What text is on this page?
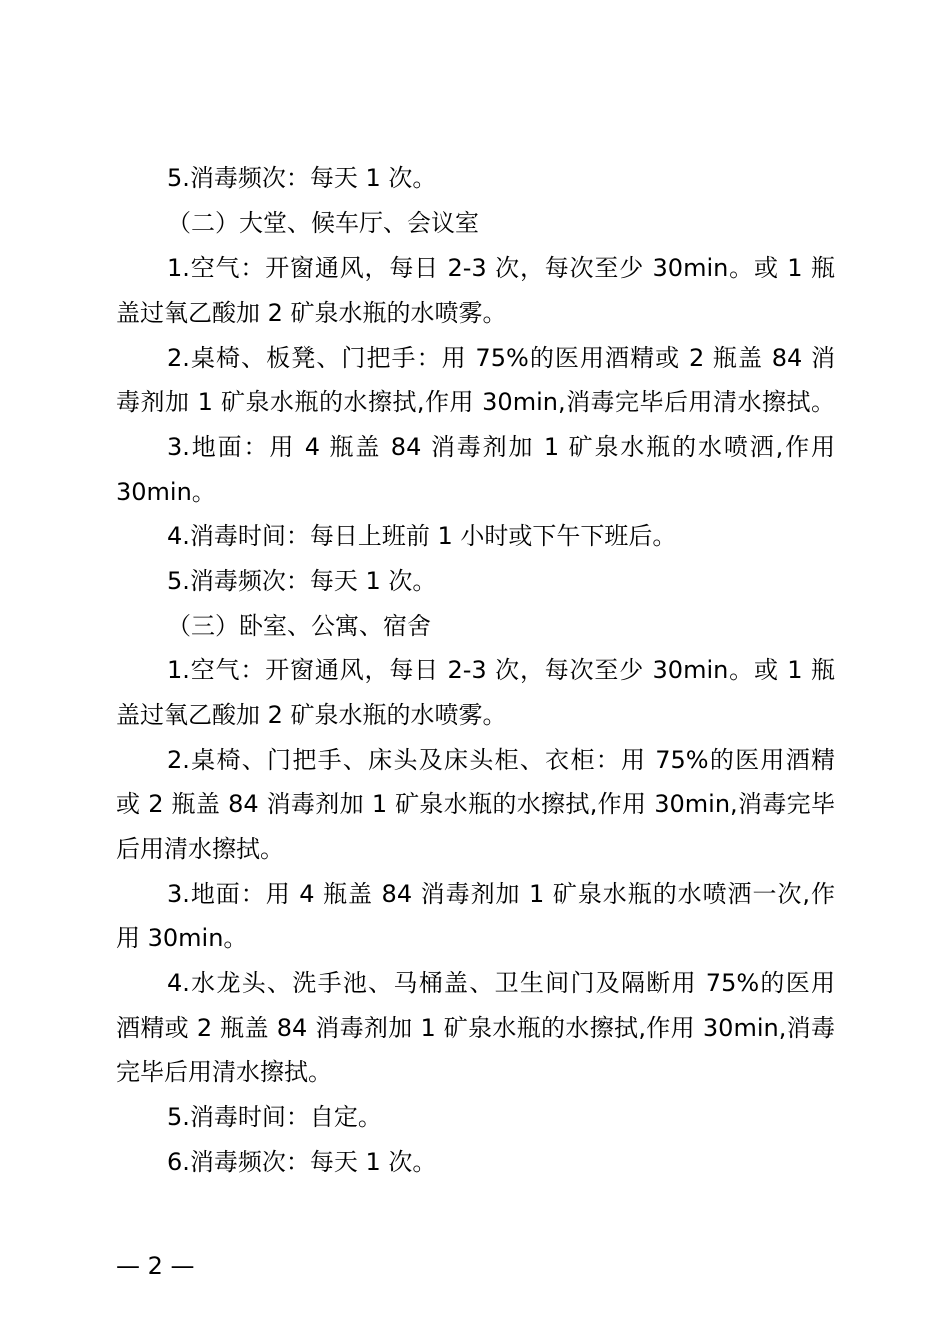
5.消毒频次：每天 1 次。

（二）大堂、候车厅、会议室

1.空气：开窗通风，每日 2-3 次，每次至少 30min。或 1 瓶

盖过氧乙酸加 2 矿泉水瓶的水喷雾。

2.桌椅、板凳、门把手：用 75%的医用酒精或 2 瓶盖 84 消

毒剂加 1 矿泉水瓶的水擦拭,作用 30min,消毒完毕后用清水擦拭。

3.地面：用 4 瓶盖 84 消毒剂加 1 矿泉水瓶的水喷洒,作用

30min。

4.消毒时间：每日上班前 1 小时或下午下班后。

5.消毒频次：每天 1 次。

（三）卧室、公寓、宿舍

1.空气：开窗通风，每日 2-3 次，每次至少 30min。或 1 瓶

盖过氧乙酸加 2 矿泉水瓶的水喷雾。

2.桌椅、门把手、床头及床头柜、衣柜：用 75%的医用酒精

或 2 瓶盖 84 消毒剂加 1 矿泉水瓶的水擦拭,作用 30min,消毒完毕

后用清水擦拭。

3.地面：用 4 瓶盖 84 消毒剂加 1 矿泉水瓶的水喷洒一次,作

用 30min。

4.水龙头、洗手池、马桶盖、卫生间门及隔断用 75%的医用

酒精或 2 瓶盖 84 消毒剂加 1 矿泉水瓶的水擦拭,作用 30min,消毒

完毕后用清水擦拭。

5.消毒时间：自定。

6.消毒频次：每天 1 次。

— 2 —
